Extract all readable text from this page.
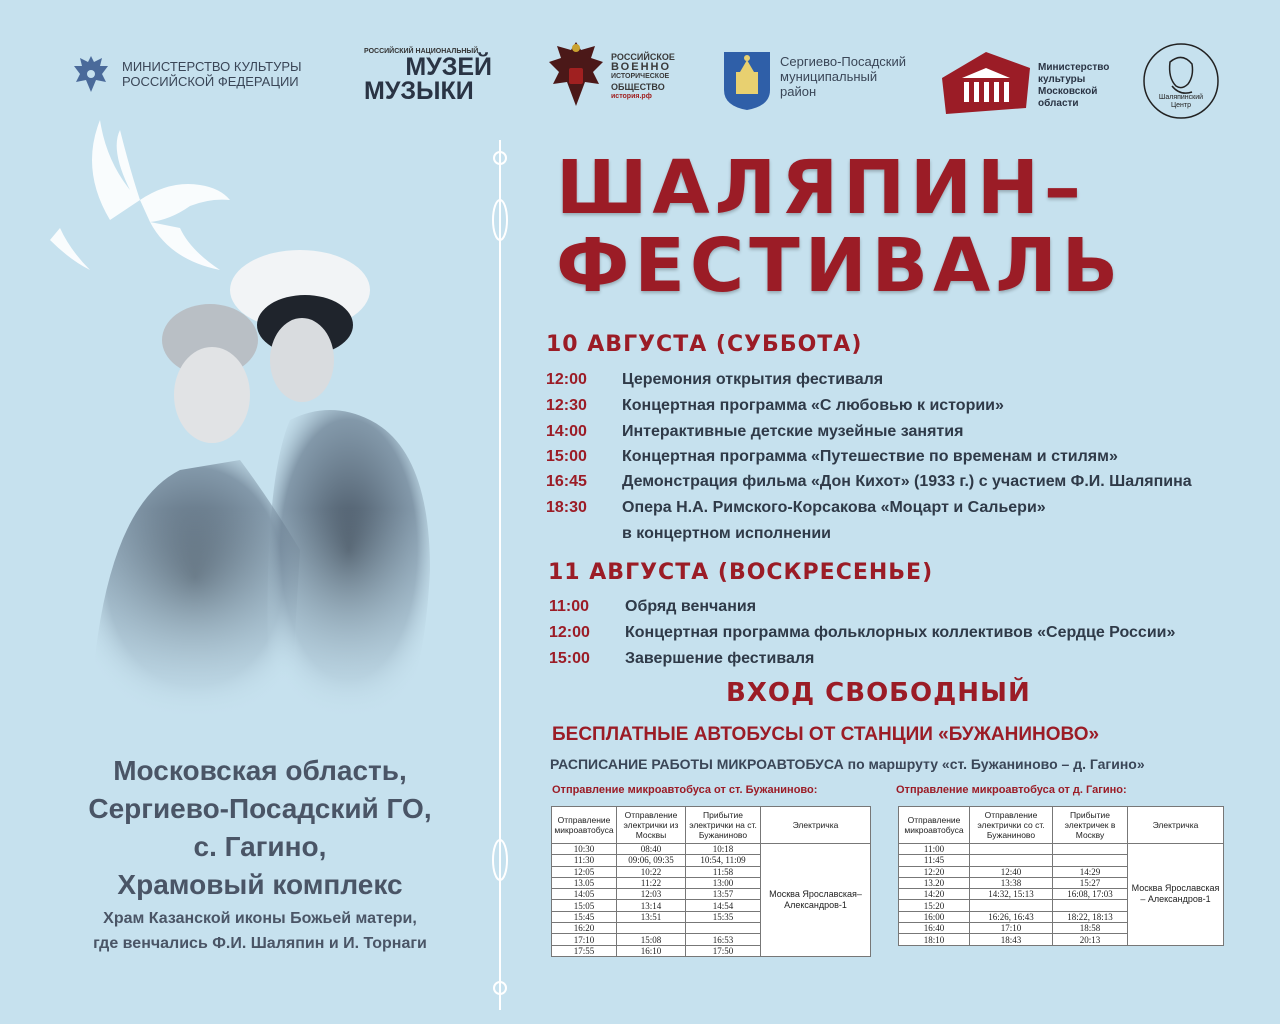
МИНИСТЕРСТВО КУЛЬТУРЫ
РОССИЙСКОЙ ФЕДЕРАЦИИ
РОССИЙСКИЙ НАЦИОНАЛЬНЫЙ
МУЗЕЙ
МУЗЫКИ
РОССИЙСКОЕ
ВОЕННО
ИСТОРИЧЕСКОЕ
ОБЩЕСТВО
история.рф
Сергиево-Посадский
муниципальный
район
Министерство
культуры
Московской
области
Шаляпинский
Центр
ШАЛЯПИН–
ФЕСТИВАЛЬ
10 АВГУСТА (СУББОТА)
12:00 Церемония открытия фестиваля
12:30 Концертная программа «С любовью к истории»
14:00 Интерактивные детские музейные занятия
15:00 Концертная программа «Путешествие по временам и стилям»
16:45 Демонстрация фильма «Дон Кихот» (1933 г.) с участием Ф.И. Шаляпина
18:30 Опера Н.А. Римского-Корсакова «Моцарт и Сальери»
в концертном исполнении
11 АВГУСТА (ВОСКРЕСЕНЬЕ)
11:00 Обряд венчания
12:00 Концертная программа фольклорных коллективов «Сердце России»
15:00 Завершение фестиваля
ВХОД СВОБОДНЫЙ
БЕСПЛАТНЫЕ АВТОБУСЫ ОТ СТАНЦИИ «БУЖАНИНОВО»
РАСПИСАНИЕ РАБОТЫ МИКРОАВТОБУСА по маршруту «ст. Бужаниново – д. Гагино»
Отправление микроавтобуса от ст. Бужаниново:
Отправление микроавтобуса	Отправление электрички из Москвы	Прибытие электрички на ст. Бужаниново	Электричка
10:30	08:40	10:18	Москва Ярославская– Александров-1
11:30	09:06, 09:35	10:54, 11:09	
12:05	10:22	11:58	
13.05	11:22	13:00	
14:05	12:03	13:57	
15:05	13:14	14:54	
15:45	13:51	15:35	
16:20			
17:10	15:08	16:53	
17:55	16:10	17:50	
Отправление микроавтобуса от д. Гагино:
Отправление микроавтобуса	Отправление электрички со ст. Бужаниново	Прибытие электричек в Москву	Электричка
11:00			Москва Ярославская – Александров-1
11:45			
12:20	12:40	14:29	
13.20	13:38	15:27	
14:20	14:32, 15:13	16:08, 17:03	
15:20			
16:00	16:26, 16:43	18:22, 18:13	
16:40	17:10	18:58	
18:10	18:43	20:13	
Московская область,
Сергиево-Посадский ГО,
с. Гагино,
Храмовый комплекс
Храм Казанской иконы Божьей матери,
где венчались Ф.И. Шаляпин и И. Торнаги
